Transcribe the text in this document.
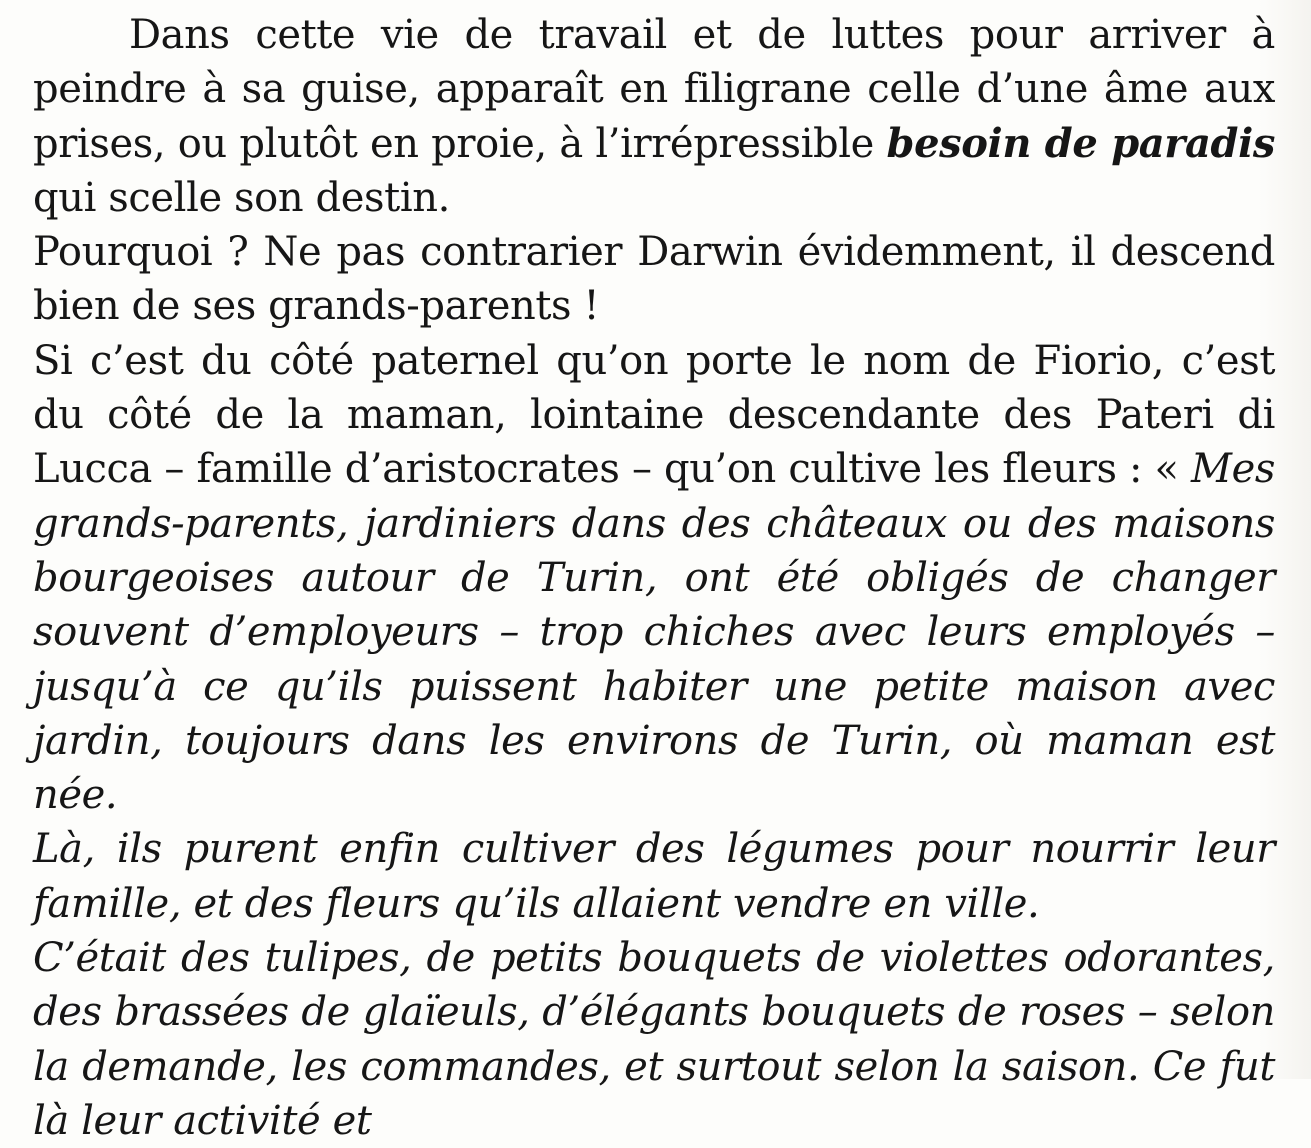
Dans cette vie de travail et de luttes pour arriver à peindre à sa guise, apparaît en filigrane celle d’une âme aux prises, ou plutôt en proie, à l’irrépressible besoin de paradis qui scelle son destin.

Pourquoi ? Ne pas contrarier Darwin évidemment, il descend bien de ses grands-parents !

Si c’est du côté paternel qu’on porte le nom de Fiorio, c’est du côté de la maman, lointaine descendante des Pateri di Lucca – famille d’aristocrates – qu’on cultive les fleurs : « Mes grands-parents, jardiniers dans des châteaux ou des maisons bourgeoises autour de Turin, ont été obligés de changer souvent d’employeurs – trop chiches avec leurs employés – jusqu’à ce qu’ils puissent habiter une petite maison avec jardin, toujours dans les environs de Turin, où maman est née.

Là, ils purent enfin cultiver des légumes pour nourrir leur famille, et des fleurs qu’ils allaient vendre en ville.

C’était des tulipes, de petits bouquets de violettes odorantes, des brassées de glaïeuls, d’élégants bouquets de roses – selon la demande, les commandes, et surtout selon la saison. Ce fut là leur activité et
